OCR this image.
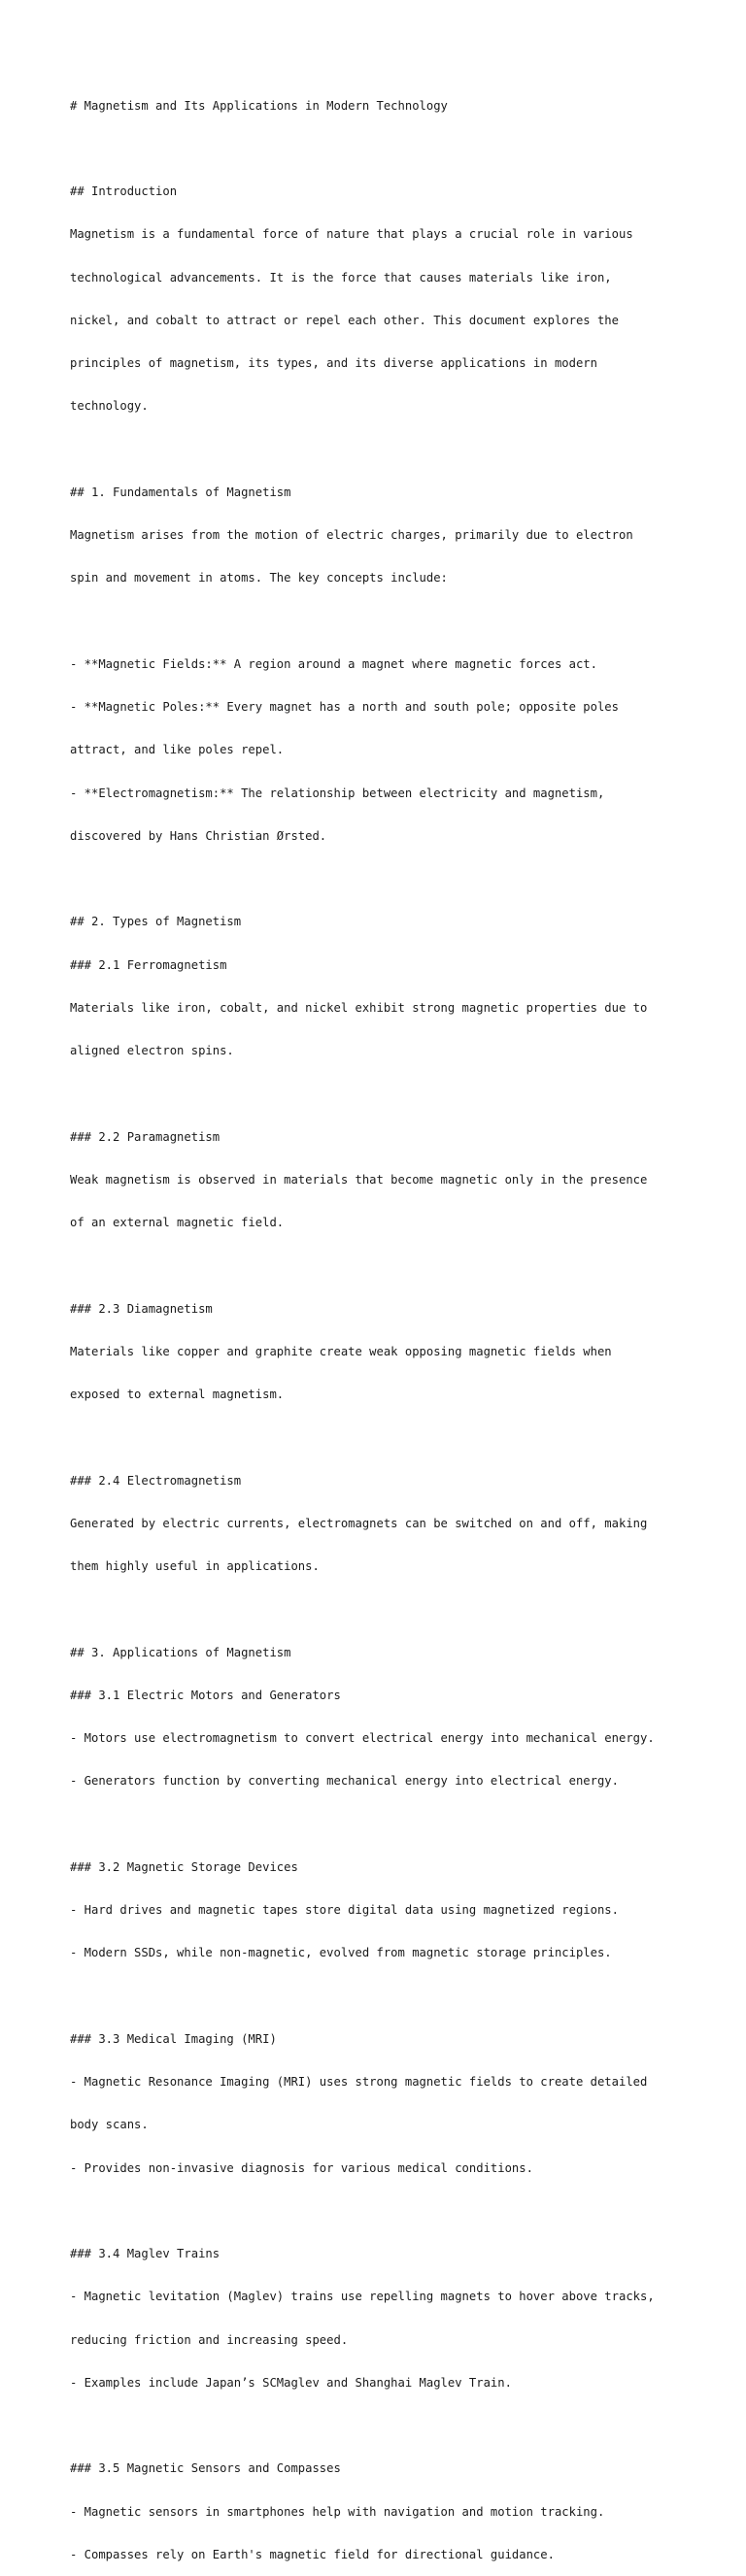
# Magnetism and Its Applications in Modern Technology

## Introduction

Magnetism is a fundamental force of nature that plays a crucial role in various

technological advancements. It is the force that causes materials like iron,

nickel, and cobalt to attract or repel each other. This document explores the

principles of magnetism, its types, and its diverse applications in modern

technology.

## 1. Fundamentals of Magnetism

Magnetism arises from the motion of electric charges, primarily due to electron

spin and movement in atoms. The key concepts include:

- **Magnetic Fields:** A region around a magnet where magnetic forces act.

- **Magnetic Poles:** Every magnet has a north and south pole; opposite poles

attract, and like poles repel.

- **Electromagnetism:** The relationship between electricity and magnetism,

discovered by Hans Christian Ørsted.

## 2. Types of Magnetism

### 2.1 Ferromagnetism

Materials like iron, cobalt, and nickel exhibit strong magnetic properties due to

aligned electron spins.

### 2.2 Paramagnetism

Weak magnetism is observed in materials that become magnetic only in the presence

of an external magnetic field.

### 2.3 Diamagnetism

Materials like copper and graphite create weak opposing magnetic fields when

exposed to external magnetism.

### 2.4 Electromagnetism

Generated by electric currents, electromagnets can be switched on and off, making

them highly useful in applications.

## 3. Applications of Magnetism

### 3.1 Electric Motors and Generators

- Motors use electromagnetism to convert electrical energy into mechanical energy.

- Generators function by converting mechanical energy into electrical energy.

### 3.2 Magnetic Storage Devices

- Hard drives and magnetic tapes store digital data using magnetized regions.

- Modern SSDs, while non-magnetic, evolved from magnetic storage principles.

### 3.3 Medical Imaging (MRI)

- Magnetic Resonance Imaging (MRI) uses strong magnetic fields to create detailed

body scans.

- Provides non-invasive diagnosis for various medical conditions.

### 3.4 Maglev Trains

- Magnetic levitation (Maglev) trains use repelling magnets to hover above tracks,

reducing friction and increasing speed.

- Examples include Japan’s SCMaglev and Shanghai Maglev Train.

### 3.5 Magnetic Sensors and Compasses

- Magnetic sensors in smartphones help with navigation and motion tracking.

- Compasses rely on Earth's magnetic field for directional guidance.
